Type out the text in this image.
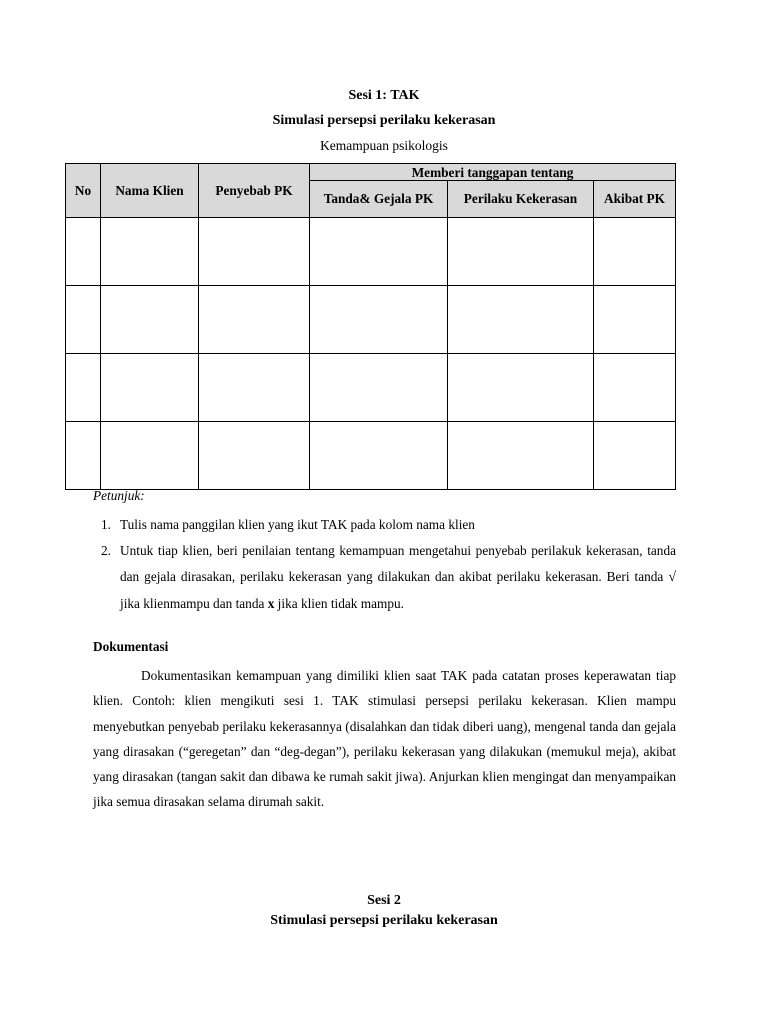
Sesi 1: TAK
Simulasi persepsi perilaku kekerasan
Kemampuan psikologis
No	Nama Klien	Penyebab PK	Memberi tanggapan tentang		
			Tanda& Gejala PK	Perilaku Kekerasan	Akibat PK

Petunjuk:
1. Tulis nama panggilan klien yang ikut TAK pada kolom nama klien
2. Untuk tiap klien, beri penilaian tentang kemampuan mengetahui penyebab perilakuk kekerasan, tanda dan gejala dirasakan, perilaku kekerasan yang dilakukan dan akibat perilaku kekerasan. Beri tanda √ jika klienmampu dan tanda x jika klien tidak mampu.
Dokumentasi

Dokumentasikan kemampuan yang dimiliki klien saat TAK pada catatan proses keperawatan tiap klien. Contoh: klien mengikuti sesi 1. TAK stimulasi persepsi perilaku kekerasan. Klien mampu menyebutkan penyebab perilaku kekerasannya (disalahkan dan tidak diberi uang), mengenal tanda dan gejala yang dirasakan (“geregetan” dan “deg-degan”), perilaku kekerasan yang dilakukan (memukul meja), akibat yang dirasakan (tangan sakit dan dibawa ke rumah sakit jiwa). Anjurkan klien mengingat dan menyampaikan jika semua dirasakan selama dirumah sakit.

Sesi 2
Stimulasi persepsi perilaku kekerasan
